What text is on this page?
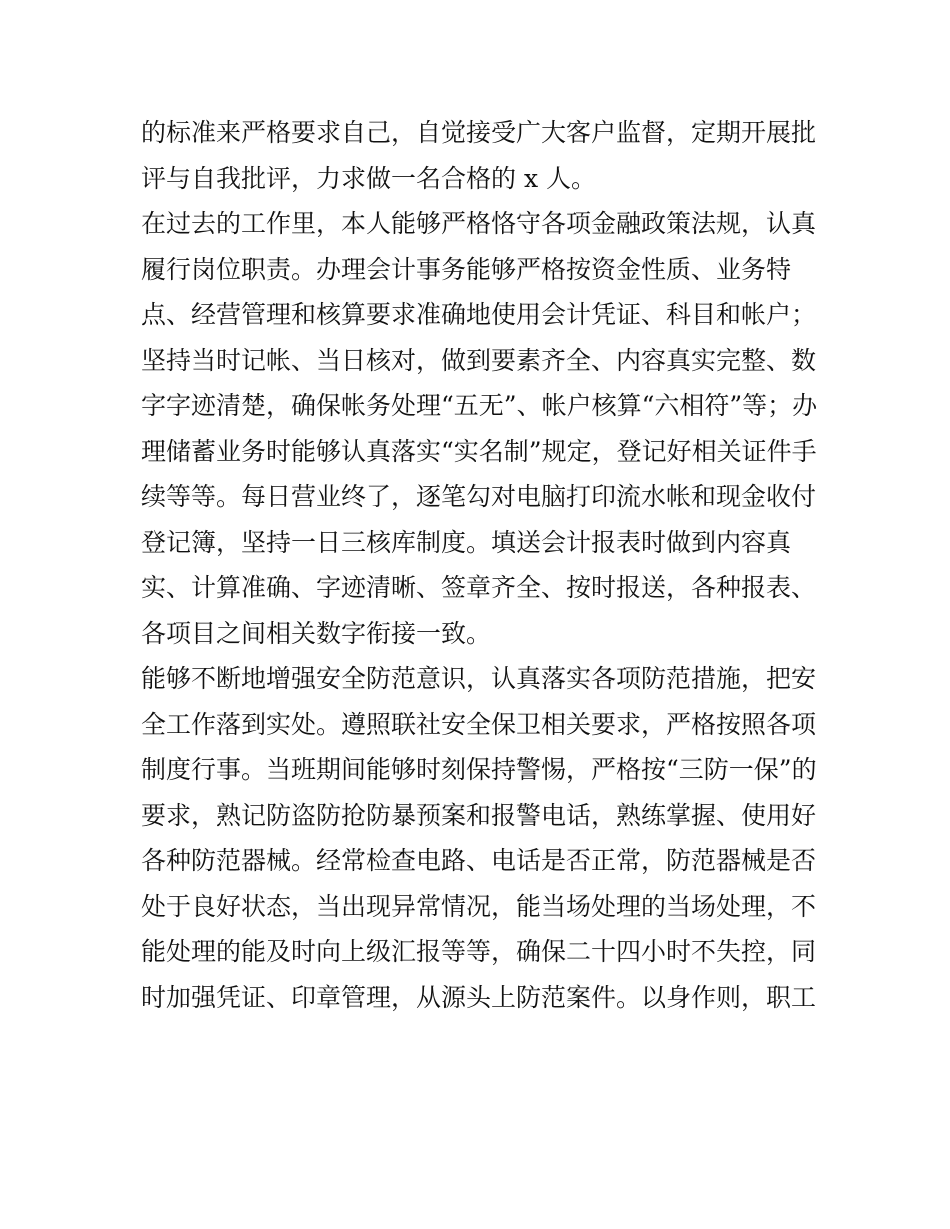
的标准来严格要求自己，自觉接受广大客户监督，定期开展批
评与自我批评，力求做一名合格的 x 人。
在过去的工作里，本人能够严格恪守各项金融政策法规，认真
履行岗位职责。办理会计事务能够严格按资金性质、业务特
点、经营管理和核算要求准确地使用会计凭证、科目和帐户；
坚持当时记帐、当日核对，做到要素齐全、内容真实完整、数
字字迹清楚，确保帐务处理“五无”、帐户核算“六相符”等；办
理储蓄业务时能够认真落实“实名制”规定，登记好相关证件手
续等等。每日营业终了，逐笔勾对电脑打印流水帐和现金收付
登记簿，坚持一日三核库制度。填送会计报表时做到内容真
实、计算准确、字迹清晰、签章齐全、按时报送，各种报表、
各项目之间相关数字衔接一致。
能够不断地增强安全防范意识，认真落实各项防范措施，把安
全工作落到实处。遵照联社安全保卫相关要求，严格按照各项
制度行事。当班期间能够时刻保持警惕，严格按“三防一保”的
要求，熟记防盗防抢防暴预案和报警电话，熟练掌握、使用好
各种防范器械。经常检查电路、电话是否正常，防范器械是否
处于良好状态，当出现异常情况，能当场处理的当场处理，不
能处理的能及时向上级汇报等等，确保二十四小时不失控，同
时加强凭证、印章管理，从源头上防范案件。以身作则，职工
